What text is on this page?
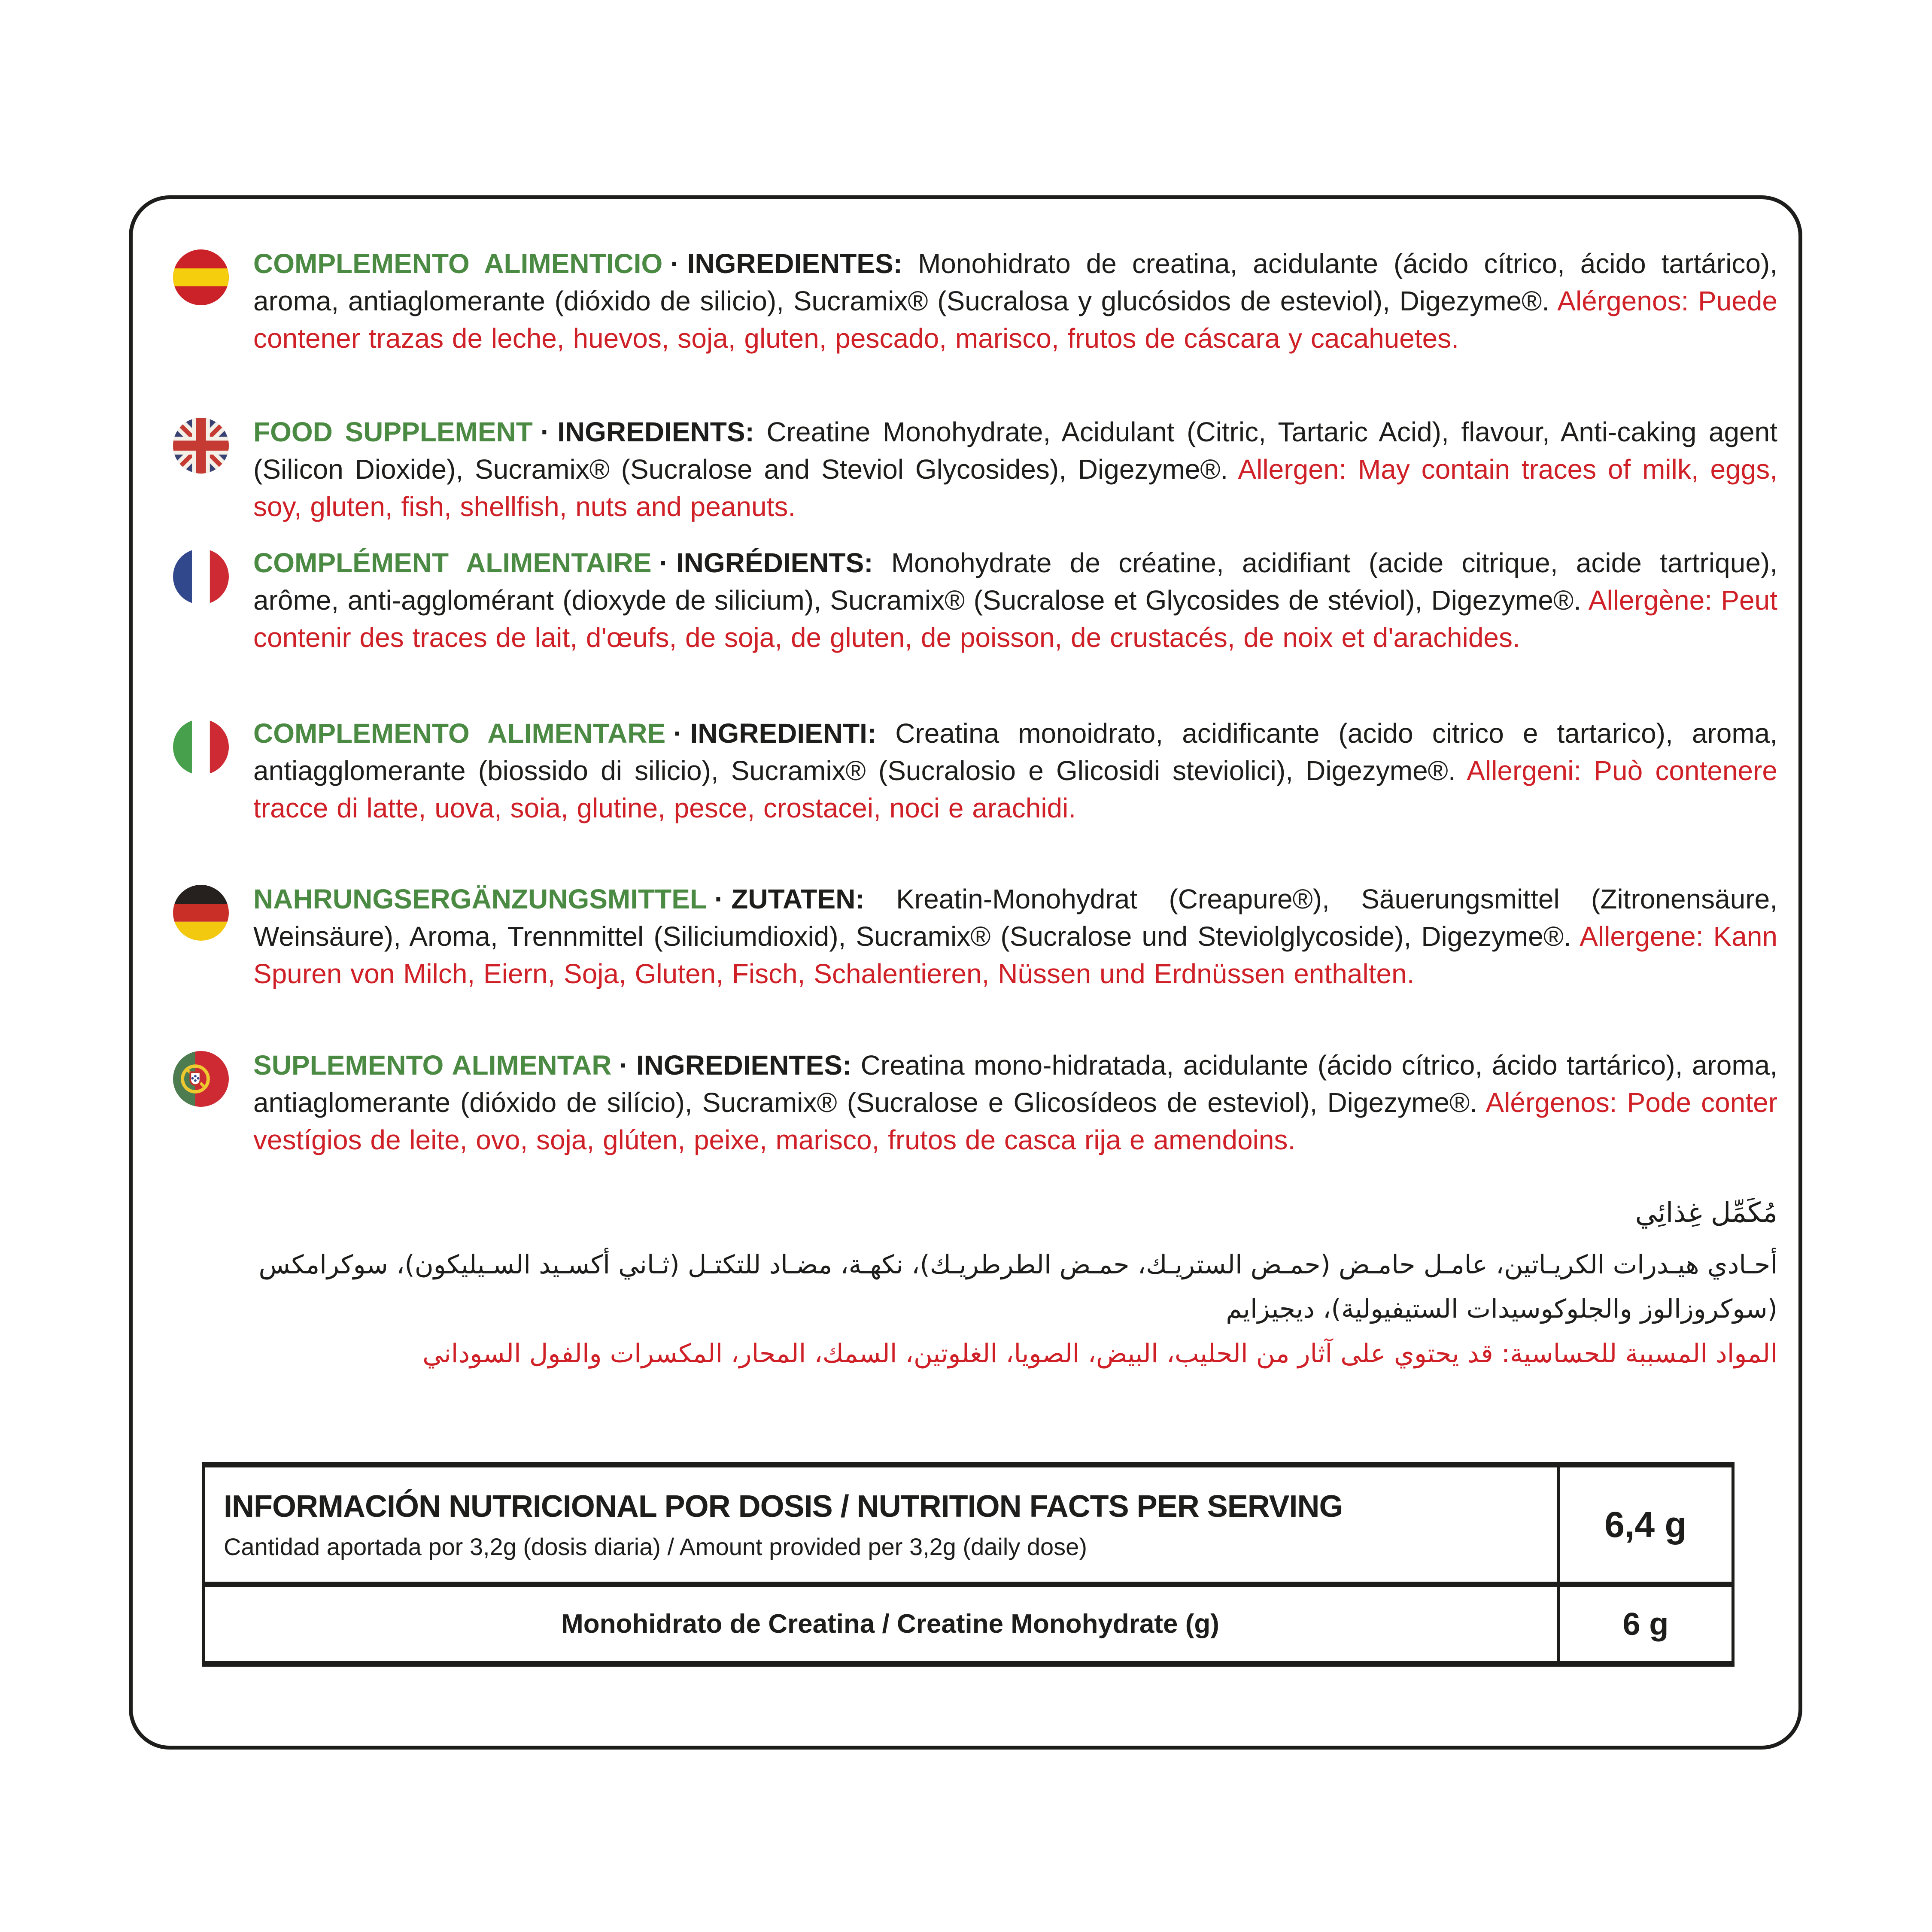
COMPLEMENTO ALIMENTICIO · INGREDIENTES: Monohidrato de creatina, acidulante (ácido cítrico, ácido tartárico), aroma, antiaglomerante (dióxido de silicio), Sucramix® (Sucralosa y glucósidos de esteviol), Digezyme®. Alérgenos: Puede contener trazas de leche, huevos, soja, gluten, pescado, marisco, frutos de cáscara y cacahuetes.

FOOD SUPPLEMENT · INGREDIENTS: Creatine Monohydrate, Acidulant (Citric, Tartaric Acid), flavour, Anti-caking agent (Silicon Dioxide), Sucramix® (Sucralose and Steviol Glycosides), Digezyme®. Allergen: May contain traces of milk, eggs, soy, gluten, fish, shellfish, nuts and peanuts.

COMPLÉMENT ALIMENTAIRE · INGRÉDIENTS: Monohydrate de créatine, acidifiant (acide citrique, acide tartrique), arôme, anti-agglomérant (dioxyde de silicium), Sucramix® (Sucralose et Glycosides de stéviol), Digezyme®. Allergène: Peut contenir des traces de lait, d'œufs, de soja, de gluten, de poisson, de crustacés, de noix et d'arachides.

COMPLEMENTO ALIMENTARE · INGREDIENTI: Creatina monoidrato, acidificante (acido citrico e tartarico), aroma, antiagglomerante (biossido di silicio), Sucramix® (Sucralosio e Glicosidi steviolici), Digezyme®. Allergeni: Può contenere tracce di latte, uova, soia, glutine, pesce, crostacei, noci e arachidi.

NAHRUNGSERGÄNZUNGSMITTEL · ZUTATEN: Kreatin-Monohydrat (Creapure®), Säuerungsmittel (Zitronensäure, Weinsäure), Aroma, Trennmittel (Siliciumdioxid), Sucramix® (Sucralose und Steviolglycoside), Digezyme®. Allergene: Kann Spuren von Milch, Eiern, Soja, Gluten, Fisch, Schalentieren, Nüssen und Erdnüssen enthalten.

SUPLEMENTO ALIMENTAR · INGREDIENTES: Creatina mono-hidratada, acidulante (ácido cítrico, ácido tartárico), aroma, antiaglomerante (dióxido de silício), Sucramix® (Sucralose e Glicosídeos de esteviol), Digezyme®. Alérgenos: Pode conter vestígios de leite, ovo, soja, glúten, peixe, marisco, frutos de casca rija e amendoins.

مُكَمِّل غِذائِي

أحـادي هيـدرات الكريـاتين، عامـل حامـض (حمـض الستريـك، حمـض الطرطريـك)، نكهـة، مضـاد للتكتـل (ثـاني أكسـيد السـيليكون)، سوكرامكس (سوكروزالوز والجلوكوسيدات الستيفيولية)، ديجيزايم

المواد المسببة للحساسية: قد يحتوي على آثار من الحليب، البيض، الصويا، الغلوتين، السمك، المحار، المكسرات والفول السوداني

INFORMACIÓN NUTRICIONAL POR DOSIS / NUTRITION FACTS PER SERVING
Cantidad aportada por 3,2g (dosis diaria) / Amount provided per 3,2g (daily dose)
6,4 g
Monohidrato de Creatina / Creatine Monohydrate (g)	6 g
